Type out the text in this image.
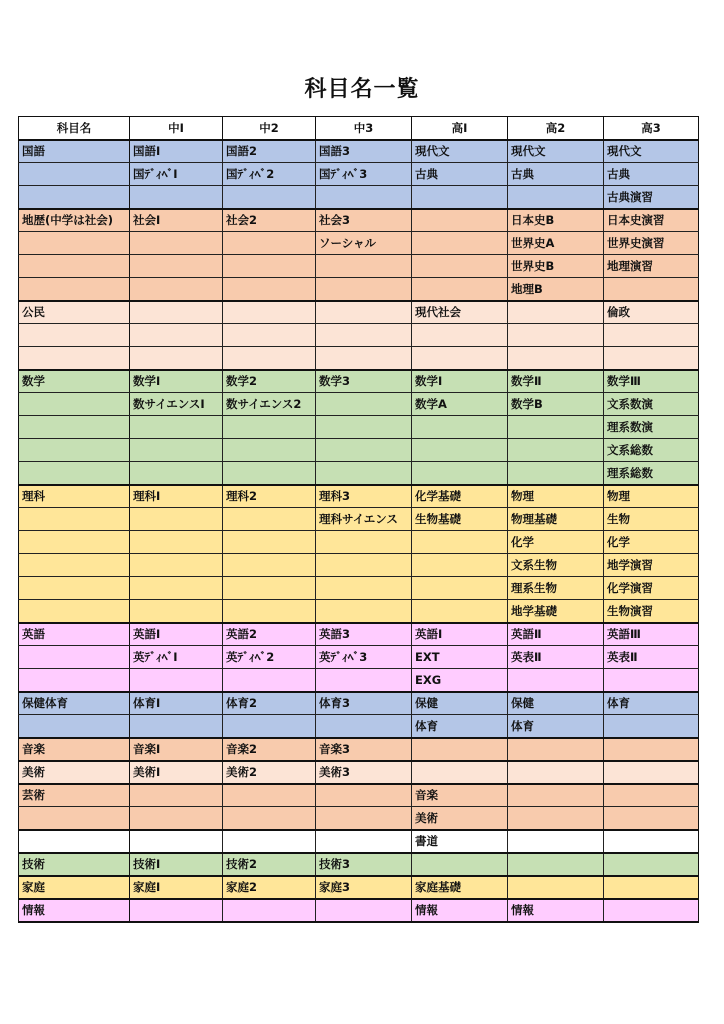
科目名一覧
科目名	中Ⅰ	中2	中3	高Ⅰ	高2	高3
国語	国語Ⅰ	国語2	国語3	現代文	現代文	現代文
	国ﾃﾞｨﾍﾞⅠ	国ﾃﾞｨﾍﾞ2	国ﾃﾞｨﾍﾞ3	古典	古典	古典
						古典演習
地歴(中学は社会)	社会Ⅰ	社会2	社会3		日本史B	日本史演習
			ソーシャル		世界史A	世界史演習
					世界史B	地理演習
					地理B	
公民				現代社会		倫政

数学	数学Ⅰ	数学2	数学3	数学Ⅰ	数学Ⅱ	数学Ⅲ
	数サイエンスⅠ	数サイエンス2		数学A	数学B	文系数演
						理系数演
						文系総数
						理系総数
理科	理科Ⅰ	理科2	理科3	化学基礎	物理	物理
			理科サイエンス	生物基礎	物理基礎	生物
					化学	化学
					文系生物	地学演習
					理系生物	化学演習
					地学基礎	生物演習
英語	英語Ⅰ	英語2	英語3	英語Ⅰ	英語Ⅱ	英語Ⅲ
	英ﾃﾞｨﾍﾞⅠ	英ﾃﾞｨﾍﾞ2	英ﾃﾞｨﾍﾞ3	EXT	英表Ⅱ	英表Ⅱ
				EXG		
保健体育	体育Ⅰ	体育2	体育3	保健	保健	体育
				体育	体育	
音楽	音楽Ⅰ	音楽2	音楽3			
美術	美術Ⅰ	美術2	美術3			
芸術				音楽		
				美術		
				書道		
技術	技術Ⅰ	技術2	技術3			
家庭	家庭Ⅰ	家庭2	家庭3	家庭基礎		
情報				情報	情報	
